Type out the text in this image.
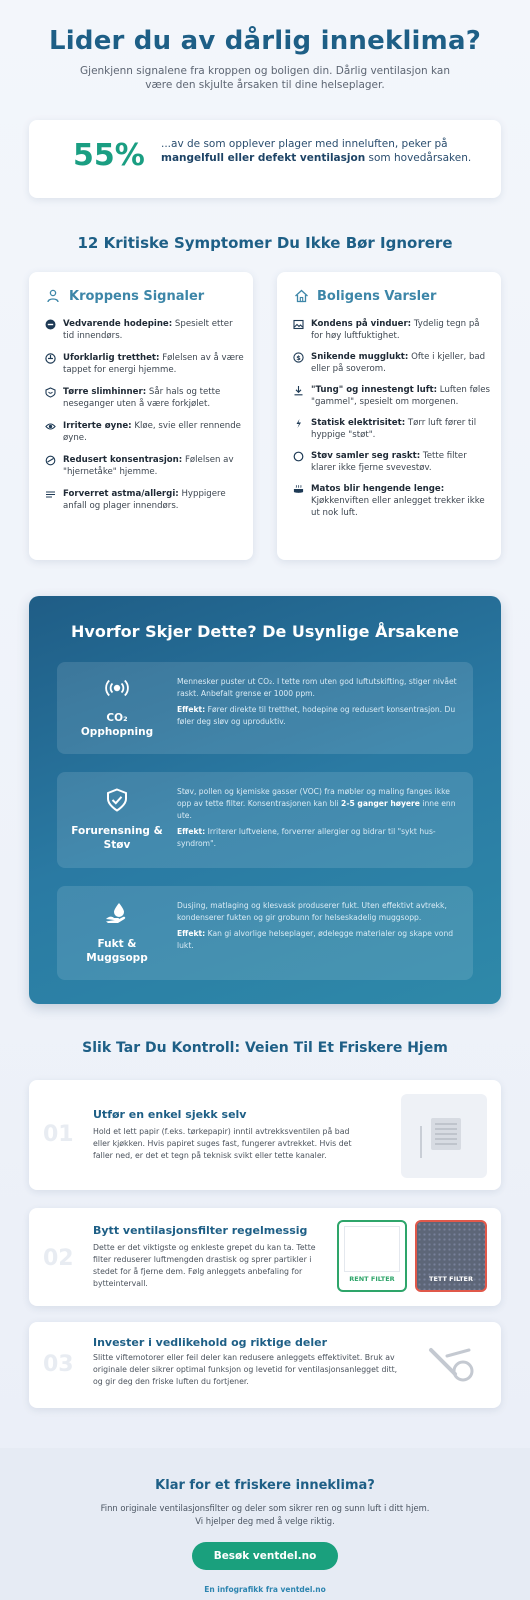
Lider du av dårlig inneklima?

Gjenkjenn signalene fra kroppen og boligen din. Dårlig ventilasjon kan være den skjulte årsaken til dine helseplager.

55% ...av de som opplever plager med inneluften, peker på mangelfull eller defekt ventilasjon som hovedårsaken.
12 Kritiske Symptomer Du Ikke Bør Ignorere
Kroppens Signaler
Vedvarende hodepine: Spesielt etter tid innendørs.
Uforklarlig tretthet: Følelsen av å være tappet for energi hjemme.
Tørre slimhinner: Sår hals og tette neseganger uten å være forkjølet.
Irriterte øyne: Kløe, svie eller rennende øyne.
Redusert konsentrasjon: Følelsen av "hjernetåke" hjemme.
Forverret astma/allergi: Hyppigere anfall og plager innendørs.
Boligens Varsler
Kondens på vinduer: Tydelig tegn på for høy luftfuktighet.
$ Snikende mugglukt: Ofte i kjeller, bad eller på soverom.
"Tung" og innestengt luft: Luften føles "gammel", spesielt om morgenen.
Statisk elektrisitet: Tørr luft fører til hyppige "støt".
Støv samler seg raskt: Tette filter klarer ikke fjerne svevestøv.
Matos blir hengende lenge: Kjøkkenviften eller anlegget trekker ikke ut nok luft.
Hvorfor Skjer Dette? De Usynlige Årsakene
CO₂
Opphopning

Mennesker puster ut CO₂. I tette rom uten god luftutskifting, stiger nivået raskt. Anbefalt grense er 1000 ppm.

Effekt: Fører direkte til tretthet, hodepine og redusert konsentrasjon. Du føler deg sløv og uproduktiv.

Forurensning &
Støv

Støv, pollen og kjemiske gasser (VOC) fra møbler og maling fanges ikke opp av tette filter. Konsentrasjonen kan bli 2-5 ganger høyere inne enn ute.

Effekt: Irriterer luftveiene, forverrer allergier og bidrar til "sykt hus-syndrom".

Fukt &
Muggsopp

Dusjing, matlaging og klesvask produserer fukt. Uten effektivt avtrekk, kondenserer fukten og gir grobunn for helseskadelig muggsopp.

Effekt: Kan gi alvorlige helseplager, ødelegge materialer og skape vond lukt.

Slik Tar Du Kontroll: Veien Til Et Friskere Hjem
01
Utfør en enkel sjekk selv
Hold et lett papir (f.eks. tørkepapir) inntil avtrekksventilen på bad eller kjøkken. Hvis papiret suges fast, fungerer avtrekket. Hvis det faller ned, er det et tegn på teknisk svikt eller tette kanaler.
02
Bytt ventilasjonsfilter regelmessig
Dette er det viktigste og enkleste grepet du kan ta. Tette filter reduserer luftmengden drastisk og sprer partikler i stedet for å fjerne dem. Følg anleggets anbefaling for bytteintervall.	RENT FILTER	TETT FILTER
03
Invester i vedlikehold og riktige deler
Slitte viftemotorer eller feil deler kan redusere anleggets effektivitet. Bruk av originale deler sikrer optimal funksjon og levetid for ventilasjonsanlegget ditt, og gir deg den friske luften du fortjener.
Klar for et friskere inneklima?
Finn originale ventilasjonsfilter og deler som sikrer ren og sunn luft i ditt hjem. Vi hjelper deg med å velge riktig.
Besøk ventdel.no
En infografikk fra ventdel.no
